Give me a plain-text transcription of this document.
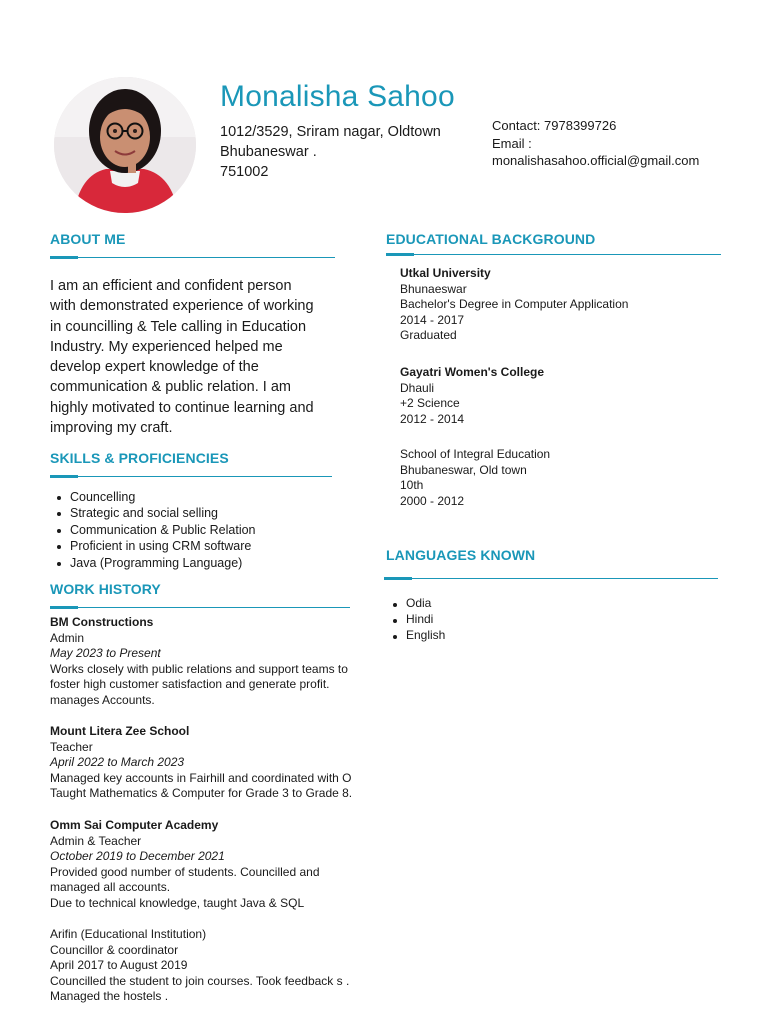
Monalisha Sahoo
1012/3529, Sriram nagar, Oldtown
Bhubaneswar .
751002
Contact: 7978399726
Email :
monalishasahoo.official@gmail.com
ABOUT ME
I am an efficient and confident person
with demonstrated experience of working
in councilling & Tele calling in Education
Industry. My experienced helped me
develop expert knowledge of the
communication & public relation. I am
highly motivated to continue learning and
improving my craft.
SKILLS & PROFICIENCIES
Councelling
Strategic and social selling
Communication & Public Relation
Proficient in using CRM software
Java (Programming Language)
WORK HISTORY
BM Constructions
Admin
May 2023 to Present
Works closely with public relations and support teams to
foster high customer satisfaction and generate profit.
manages Accounts.
Mount Litera Zee School
Teacher
April 2022 to March 2023
Managed key accounts in Fairhill and coordinated with O
Taught Mathematics & Computer for Grade 3 to Grade 8.
Omm Sai Computer Academy
Admin & Teacher
October 2019 to December 2021
Provided good number of students. Councilled and
managed all accounts.
Due to technical knowledge, taught Java & SQL
Arifin (Educational Institution)
Councillor & coordinator
April 2017 to August 2019
Councilled the student to join courses. Took feedback s .
Managed the hostels .
EDUCATIONAL BACKGROUND
Utkal University
Bhunaeswar
Bachelor's Degree in Computer Application
2014 - 2017
Graduated
Gayatri Women's College
Dhauli
+2 Science
2012 - 2014
School of Integral Education
Bhubaneswar, Old town
10th
2000 - 2012
LANGUAGES KNOWN
Odia
Hindi
English
